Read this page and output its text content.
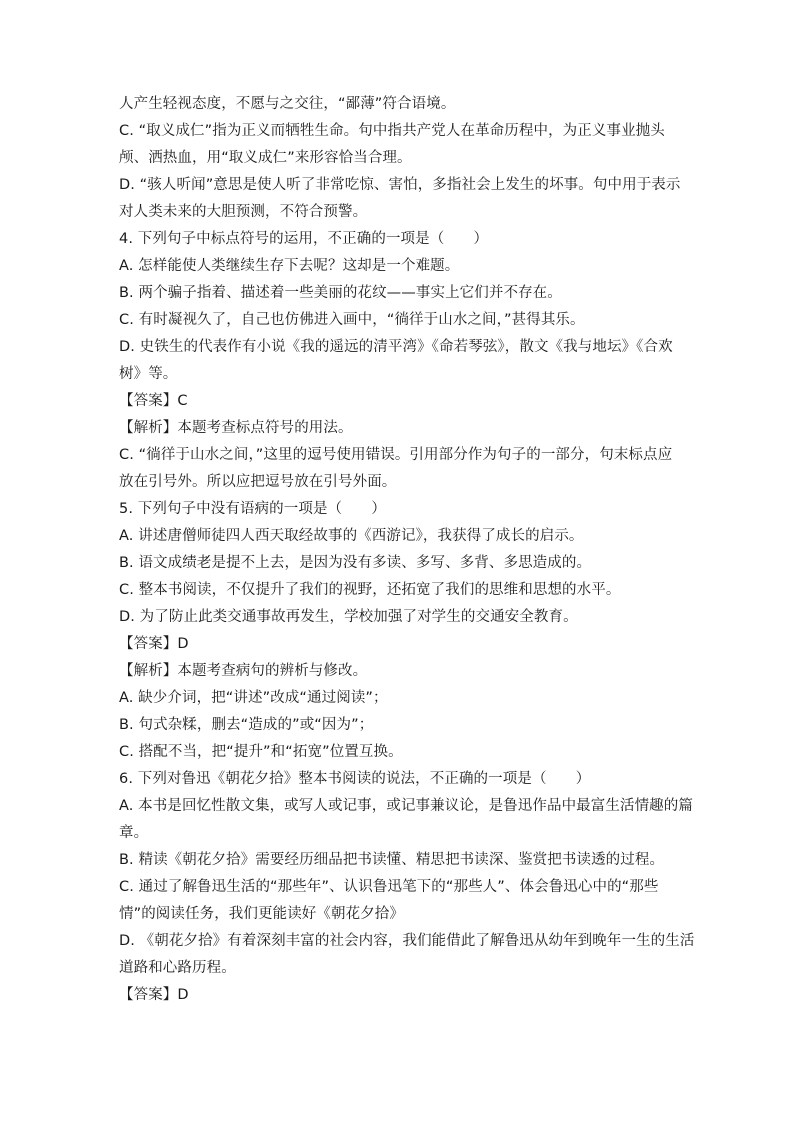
人产生轻视态度，不愿与之交往，“鄙薄”符合语境。
C. “取义成仁”指为正义而牺牲生命。句中指共产党人在革命历程中，为正义事业抛头
颅、洒热血，用“取义成仁”来形容恰当合理。
D. “骇人听闻”意思是使人听了非常吃惊、害怕，多指社会上发生的坏事。句中用于表示
对人类未来的大胆预测，不符合预警。
4. 下列句子中标点符号的运用，不正确的一项是（　　）
A. 怎样能使人类继续生存下去呢？这却是一个难题。
B. 两个骗子指着、描述着一些美丽的花纹——事实上它们并不存在。
C. 有时凝视久了，自己也仿佛进入画中，“徜徉于山水之间，”甚得其乐。
D. 史铁生的代表作有小说《我的遥远的清平湾》《命若琴弦》，散文《我与地坛》《合欢
树》等。
【答案】C
【解析】本题考查标点符号的用法。
C. “徜徉于山水之间，”这里的逗号使用错误。引用部分作为句子的一部分，句末标点应
放在引号外。所以应把逗号放在引号外面。
5. 下列句子中没有语病的一项是（　　）
A. 讲述唐僧师徒四人西天取经故事的《西游记》，我获得了成长的启示。
B. 语文成绩老是提不上去，是因为没有多读、多写、多背、多思造成的。
C. 整本书阅读，不仅提升了我们的视野，还拓宽了我们的思维和思想的水平。
D. 为了防止此类交通事故再发生，学校加强了对学生的交通安全教育。
【答案】D
【解析】本题考查病句的辨析与修改。
A. 缺少介词，把“讲述”改成“通过阅读”；
B. 句式杂糅，删去“造成的”或“因为”；
C. 搭配不当，把“提升”和“拓宽”位置互换。
6. 下列对鲁迅《朝花夕拾》整本书阅读的说法，不正确的一项是（　　）
A. 本书是回忆性散文集，或写人或记事，或记事兼议论，是鲁迅作品中最富生活情趣的篇
章。
B. 精读《朝花夕拾》需要经历细品把书读懂、精思把书读深、鉴赏把书读透的过程。
C. 通过了解鲁迅生活的“那些年”、认识鲁迅笔下的“那些人”、体会鲁迅心中的“那些
情”的阅读任务，我们更能读好《朝花夕拾》
D. 《朝花夕拾》有着深刻丰富的社会内容，我们能借此了解鲁迅从幼年到晚年一生的生活
道路和心路历程。
【答案】D
